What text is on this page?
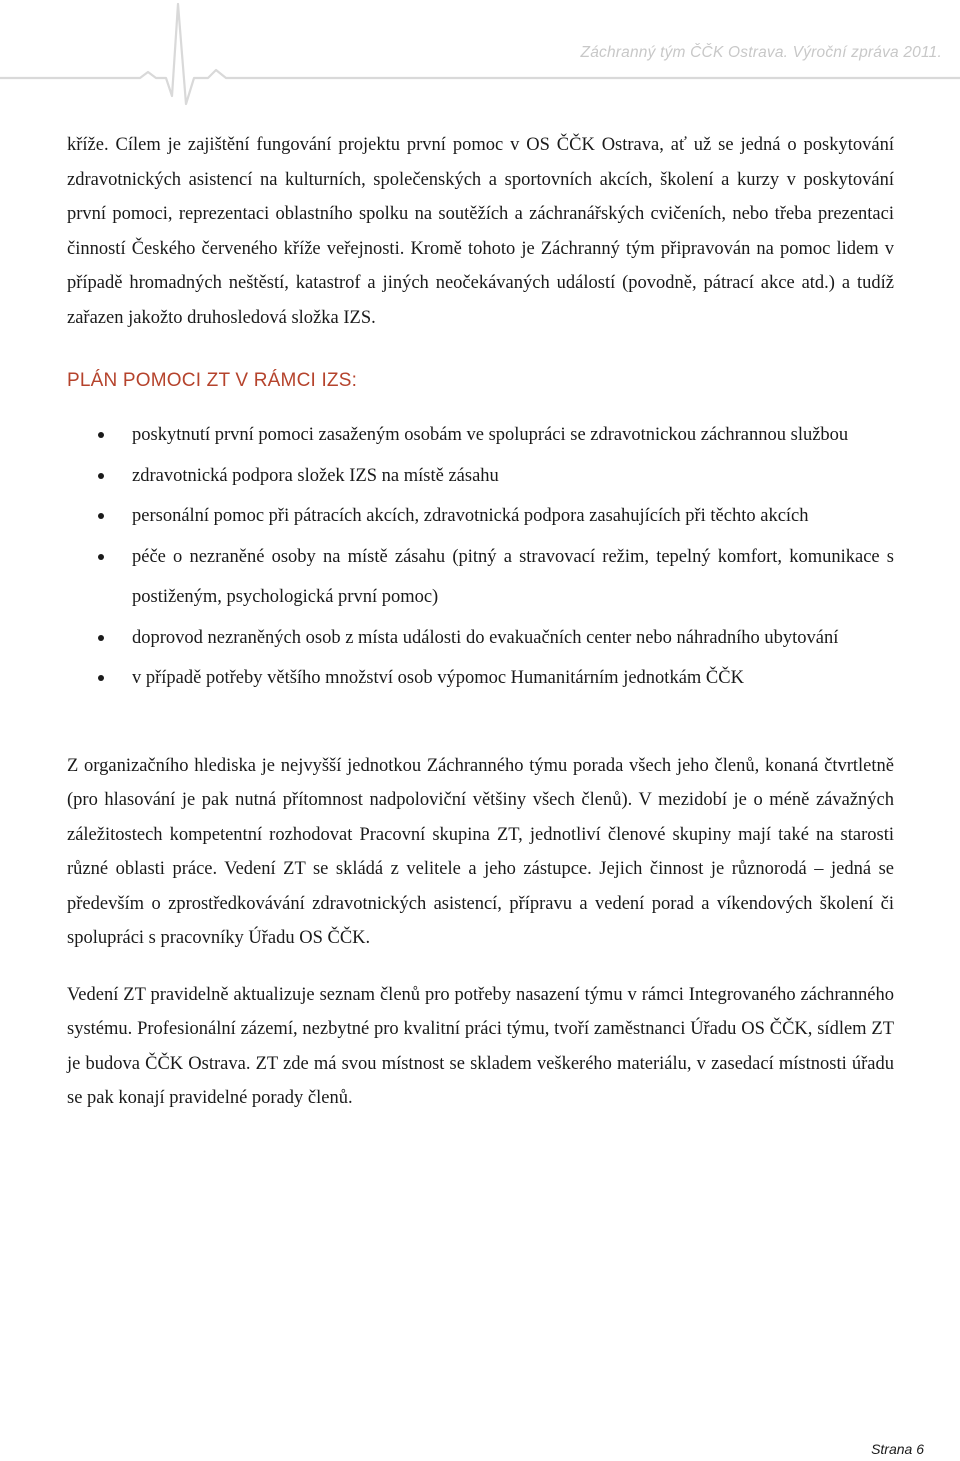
Záchranný tým ČČK Ostrava. Výroční zpráva 2011.

kříže. Cílem je zajištění fungování projektu první pomoc v OS ČČK Ostrava, ať už se jedná o poskytování zdravotnických asistencí na kulturních, společenských a sportovních akcích, školení a kurzy v poskytování první pomoci, reprezentaci oblastního spolku na soutěžích a záchranářských cvičeních, nebo třeba prezentaci činností Českého červeného kříže veřejnosti. Kromě tohoto je Záchranný tým připravován na pomoc lidem v případě hromadných neštěstí, katastrof a jiných neočekávaných událostí (povodně, pátrací akce atd.) a tudíž zařazen jakožto druhosledová složka IZS.

PLÁN POMOCI ZT V RÁMCI IZS:
poskytnutí první pomoci zasaženým osobám ve spolupráci se zdravotnickou záchrannou službou
zdravotnická podpora složek IZS na místě zásahu
personální pomoc při pátracích akcích, zdravotnická podpora zasahujících při těchto akcích
péče o nezraněné osoby na místě zásahu (pitný a stravovací režim, tepelný komfort, komunikace s postiženým, psychologická první pomoc)
doprovod nezraněných osob z místa události do evakuačních center nebo náhradního ubytování
v případě potřeby většího množství osob výpomoc Humanitárním jednotkám ČČK

Z organizačního hlediska je nejvyšší jednotkou Záchranného týmu porada všech jeho členů, konaná čtvrtletně (pro hlasování je pak nutná přítomnost nadpoloviční většiny všech členů). V mezidobí je o méně závažných záležitostech kompetentní rozhodovat Pracovní skupina ZT, jednotliví členové skupiny mají také na starosti různé oblasti práce. Vedení ZT se skládá z velitele a jeho zástupce. Jejich činnost je různorodá – jedná se především o zprostředkovávání zdravotnických asistencí, přípravu a vedení porad a víkendových školení či spolupráci s pracovníky Úřadu OS ČČK.

Vedení ZT pravidelně aktualizuje seznam členů pro potřeby nasazení týmu v rámci Integrovaného záchranného systému. Profesionální zázemí, nezbytné pro kvalitní práci týmu, tvoří zaměstnanci Úřadu OS ČČK, sídlem ZT je budova ČČK Ostrava. ZT zde má svou místnost se skladem veškerého materiálu, v zasedací místnosti úřadu se pak konají pravidelné porady členů.

Strana 6
